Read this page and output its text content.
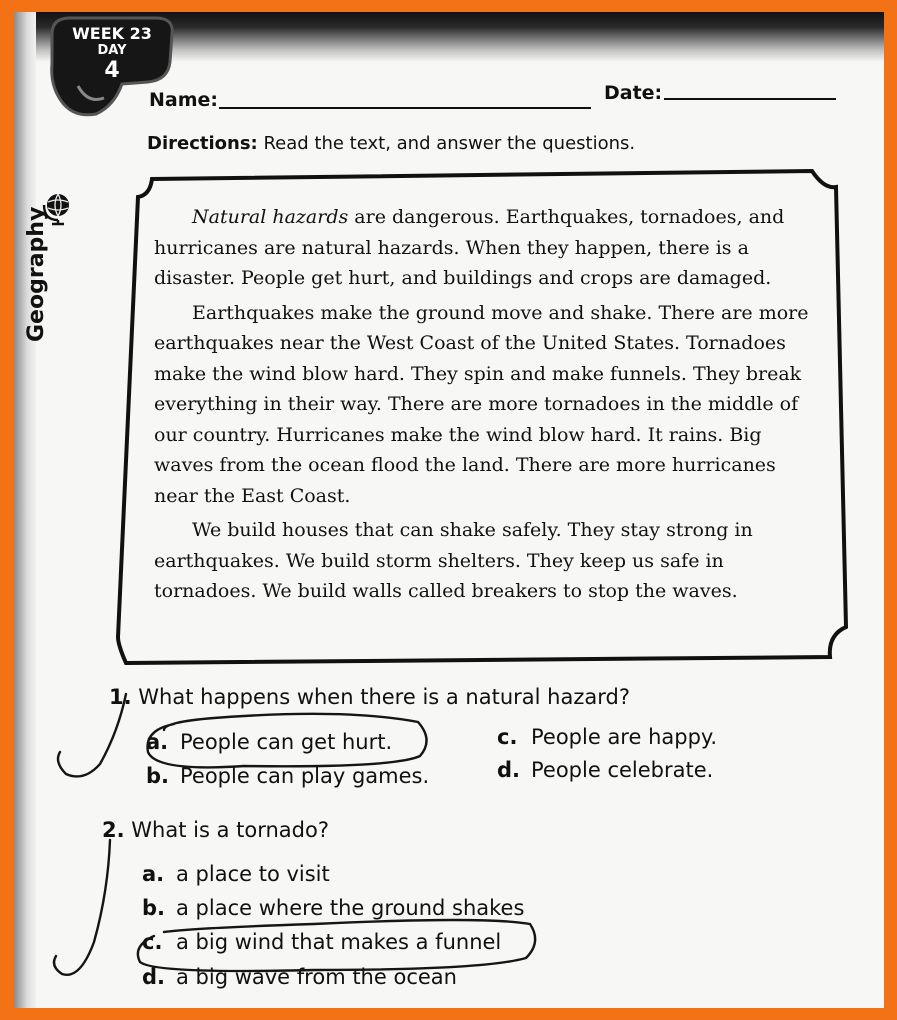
WEEK 23
DAY
4
Name:	Date:
Directions: Read the text, and answer the questions.
Geography	Natural hazards are dangerous. Earthquakes, tornadoes, and hurricanes are natural hazards. When they happen, there is a disaster. People get hurt, and buildings and crops are damaged.

Earthquakes make the ground move and shake. There are more earthquakes near the West Coast of the United States. Tornadoes make the wind blow hard. They spin and make funnels. They break everything in their way. There are more tornadoes in the middle of our country. Hurricanes make the wind blow hard. It rains. Big waves from the ocean flood the land. There are more hurricanes near the East Coast.

We build houses that can shake safely. They stay strong in earthquakes. We build storm shelters. They keep us safe in tornadoes. We build walls called breakers to stop the waves.

1. What happens when there is a natural hazard?
a. People can get hurt.
b. People can play games.
c. People are happy.
d. People celebrate.
2. What is a tornado?
a. a place to visit
b. a place where the ground shakes
c. a big wind that makes a funnel
d. a big wave from the ocean
